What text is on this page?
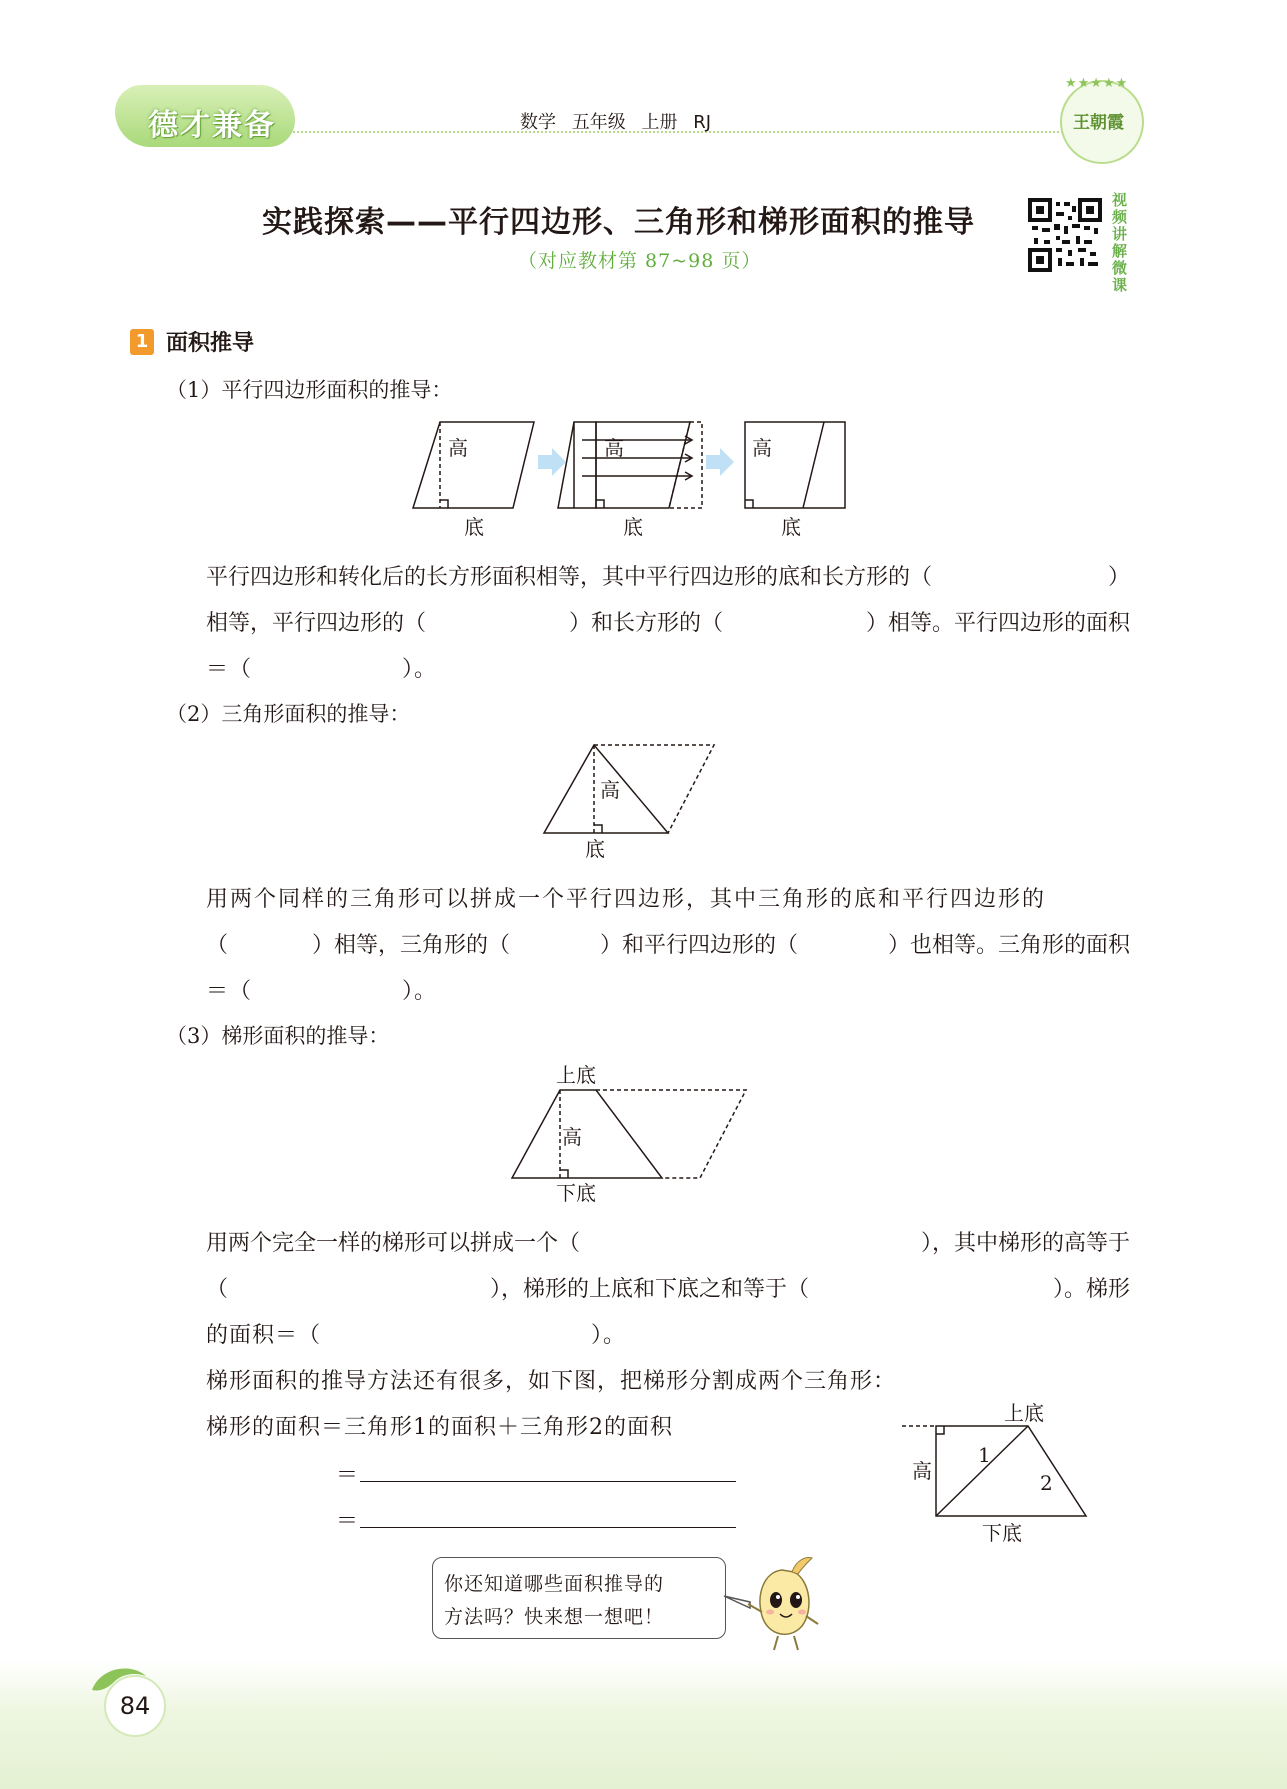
德才兼备	数学 五年级 上册 RJ
★★★★★
王朝霞
实践探索——平行四边形、三角形和梯形面积的推导
（对应教材第 87~98 页）
视频讲解微课
1 面积推导
（1）平行四边形面积的推导：
高
底
高
底
高
底
平行四边形和转化后的长方形面积相等，其中平行四边形的底和长方形的（	）
相等，平行四边形的（	）和长方形的（	）相等。平行四边形的面积
＝（	）。
（2）三角形面积的推导：
高
底
用两个同样的三角形可以拼成一个平行四边形，其中三角形的底和平行四边形的
（	）相等，三角形的（	）和平行四边形的（	）也相等。三角形的面积
＝（	）。
（3）梯形面积的推导：
上底
高
下底
用两个完全一样的梯形可以拼成一个（	），其中梯形的高等于
（	），梯形的上底和下底之和等于（	）。梯形
的面积＝（	）。
梯形面积的推导方法还有很多，如下图，把梯形分割成两个三角形：
梯形的面积＝三角形1的面积＋三角形2的面积
＝
＝
上底
高
1
2
下底
你还知道哪些面积推导的
方法吗？快来想一想吧！
84
